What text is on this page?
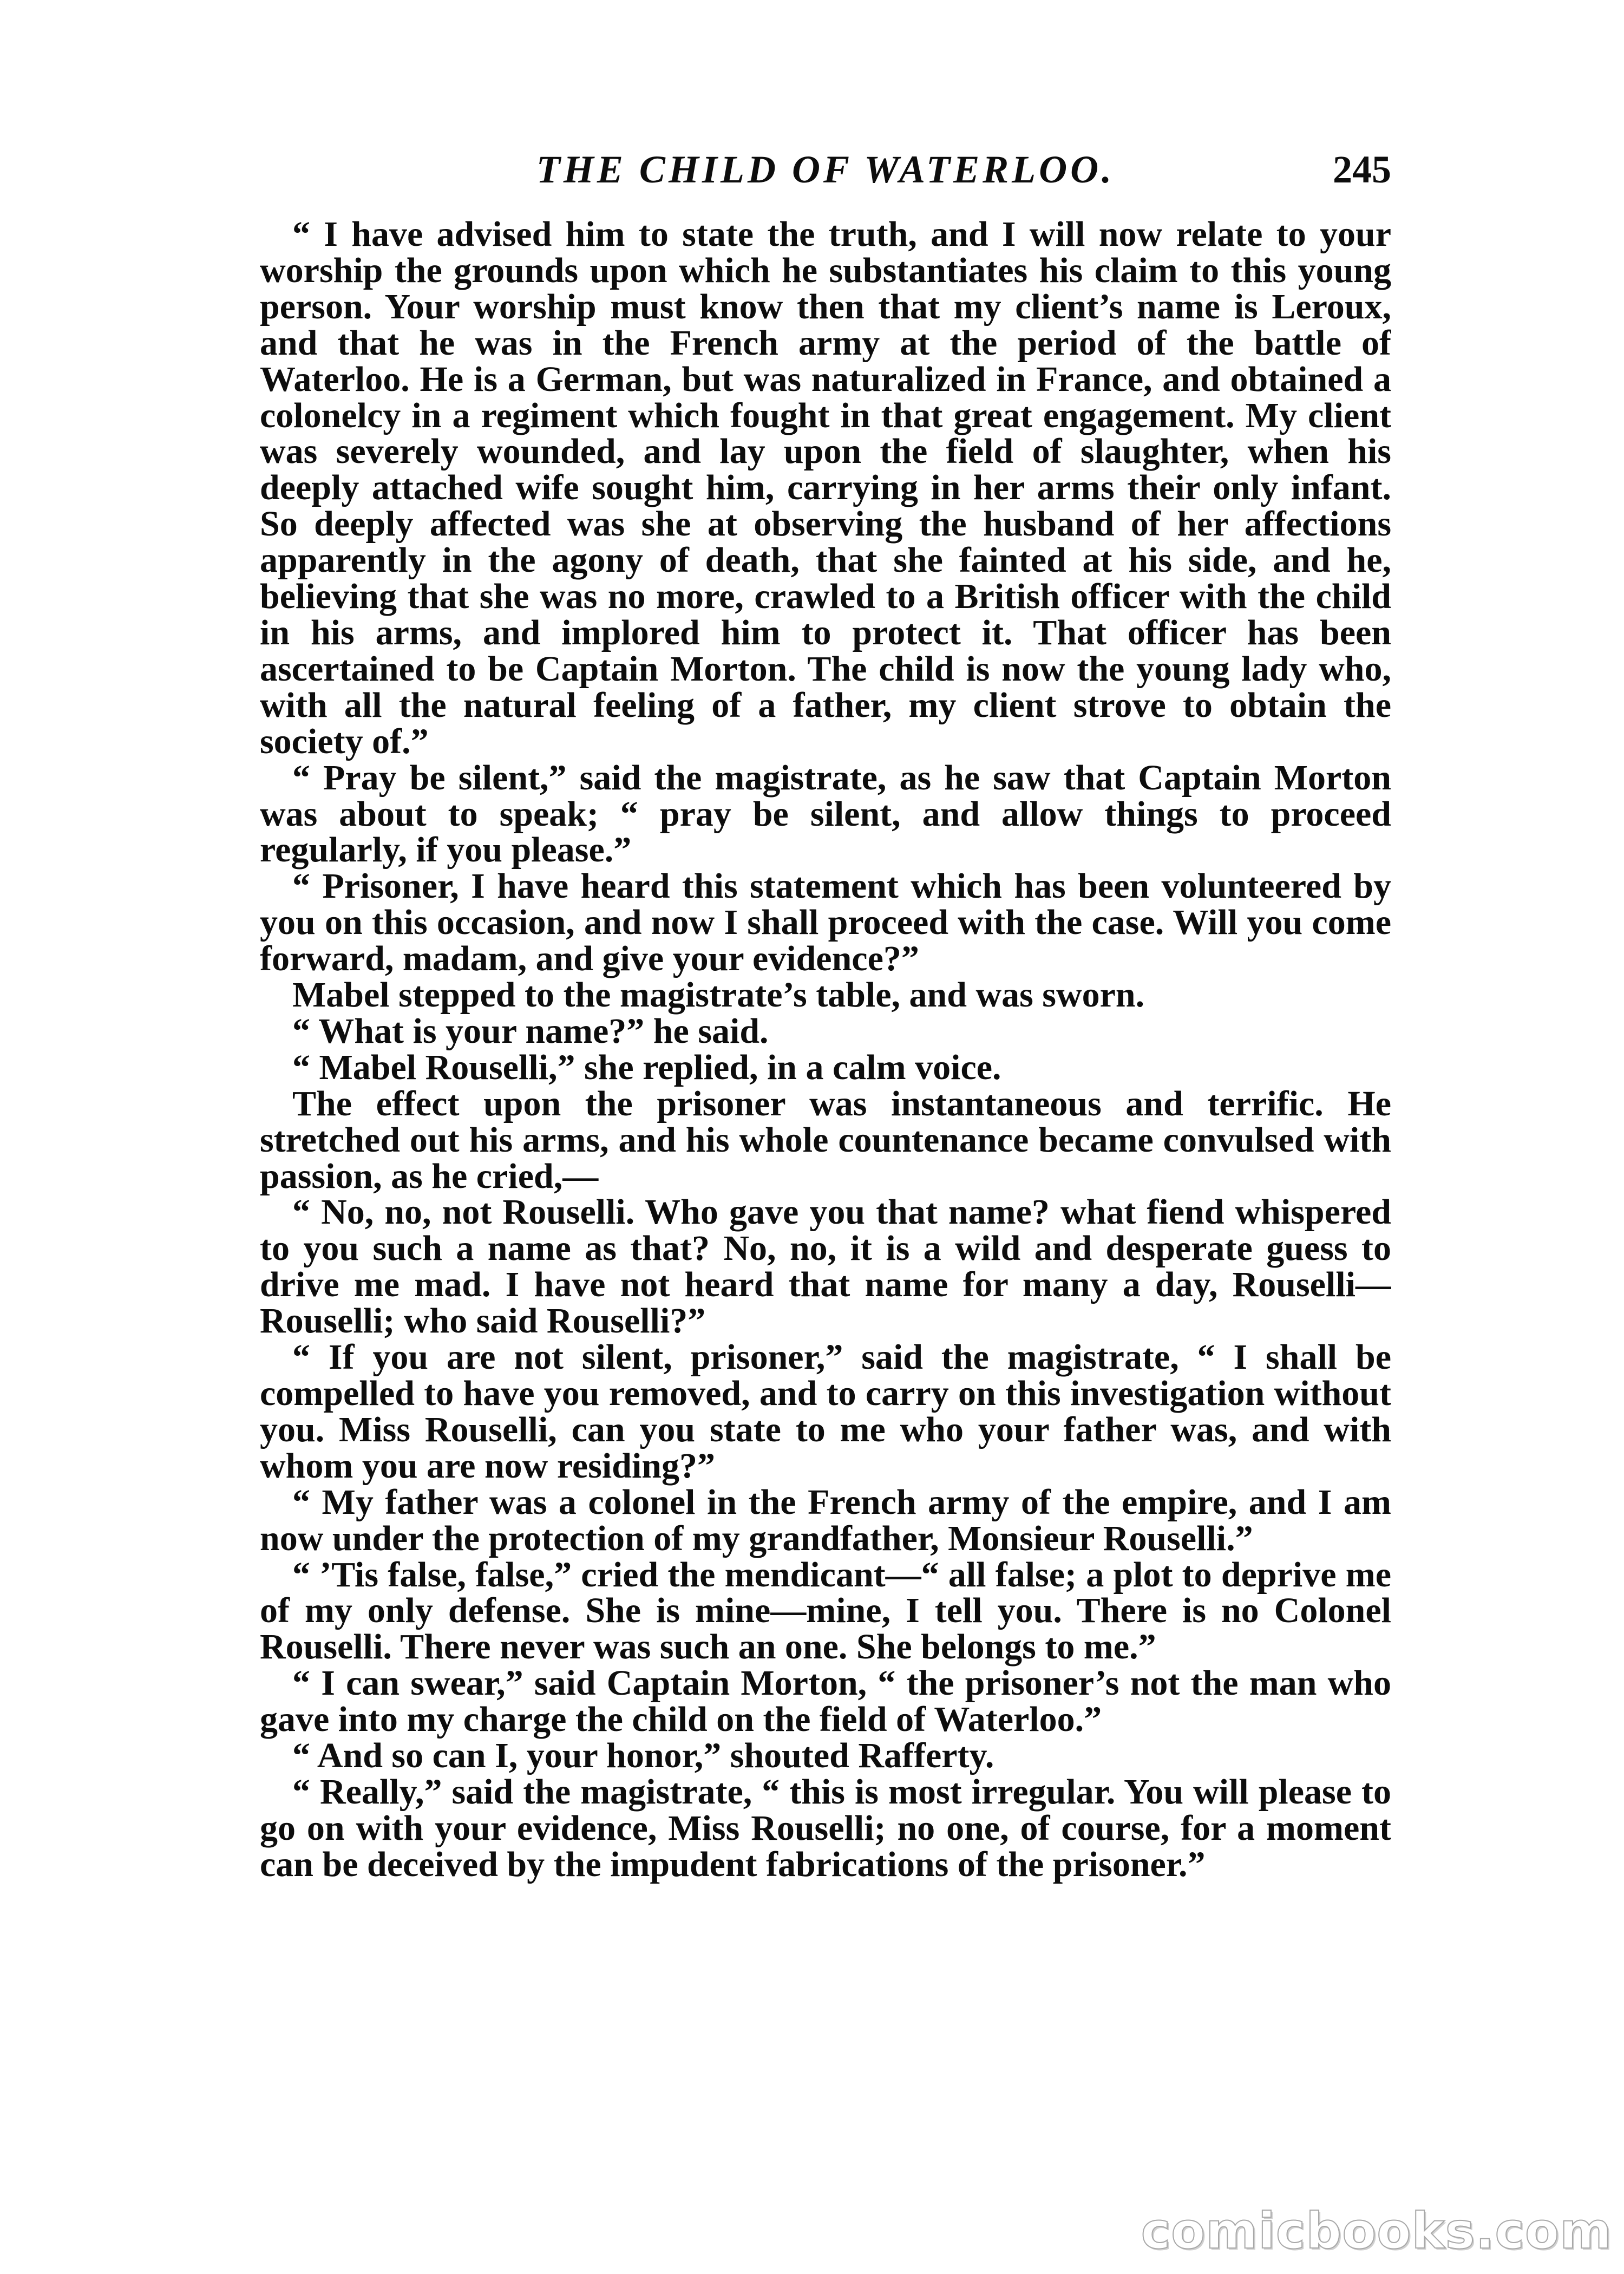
THE CHILD OF WATERLOO.	245

“ I have advised him to state the truth, and I will now relate to your worship the grounds upon which he substantiates his claim to this young person. Your worship must know then that my client’s name is Leroux, and that he was in the French army at the period of the battle of Waterloo. He is a German, but was naturalized in France, and obtained a colonelcy in a regiment which fought in that great engagement. My client was severely wounded, and lay upon the field of slaughter, when his deeply attached wife sought him, carrying in her arms their only infant. So deeply affected was she at observing the husband of her affections apparently in the agony of death, that she fainted at his side, and he, believing that she was no more, crawled to a British officer with the child in his arms, and implored him to protect it. That officer has been ascertained to be Captain Morton. The child is now the young lady who, with all the natural feeling of a father, my client strove to obtain the society of.”

“ Pray be silent,” said the magistrate, as he saw that Captain Morton was about to speak; “ pray be silent, and allow things to proceed regularly, if you please.”

“ Prisoner, I have heard this statement which has been volunteered by you on this occasion, and now I shall proceed with the case. Will you come forward, madam, and give your evidence?”

Mabel stepped to the magistrate’s table, and was sworn.

“ What is your name?” he said.

“ Mabel Rouselli,” she replied, in a calm voice.

The effect upon the prisoner was instantaneous and terrific. He stretched out his arms, and his whole countenance became convulsed with passion, as he cried,—

“ No, no, not Rouselli. Who gave you that name? what fiend whispered to you such a name as that? No, no, it is a wild and desperate guess to drive me mad. I have not heard that name for many a day, Rouselli—Rouselli; who said Rouselli?”

“ If you are not silent, prisoner,” said the magistrate, “ I shall be compelled to have you removed, and to carry on this investigation without you. Miss Rouselli, can you state to me who your father was, and with whom you are now residing?”

“ My father was a colonel in the French army of the empire, and I am now under the protection of my grandfather, Monsieur Rouselli.”

“ ’Tis false, false,” cried the mendicant—“ all false; a plot to deprive me of my only defense. She is mine—mine, I tell you. There is no Colonel Rouselli. There never was such an one. She belongs to me.”

“ I can swear,” said Captain Morton, “ the prisoner’s not the man who gave into my charge the child on the field of Waterloo.”

“ And so can I, your honor,” shouted Rafferty.

“ Really,” said the magistrate, “ this is most irregular. You will please to go on with your evidence, Miss Rouselli; no one, of course, for a moment can be deceived by the impudent fabrications of the prisoner.”

comicbooks.com
